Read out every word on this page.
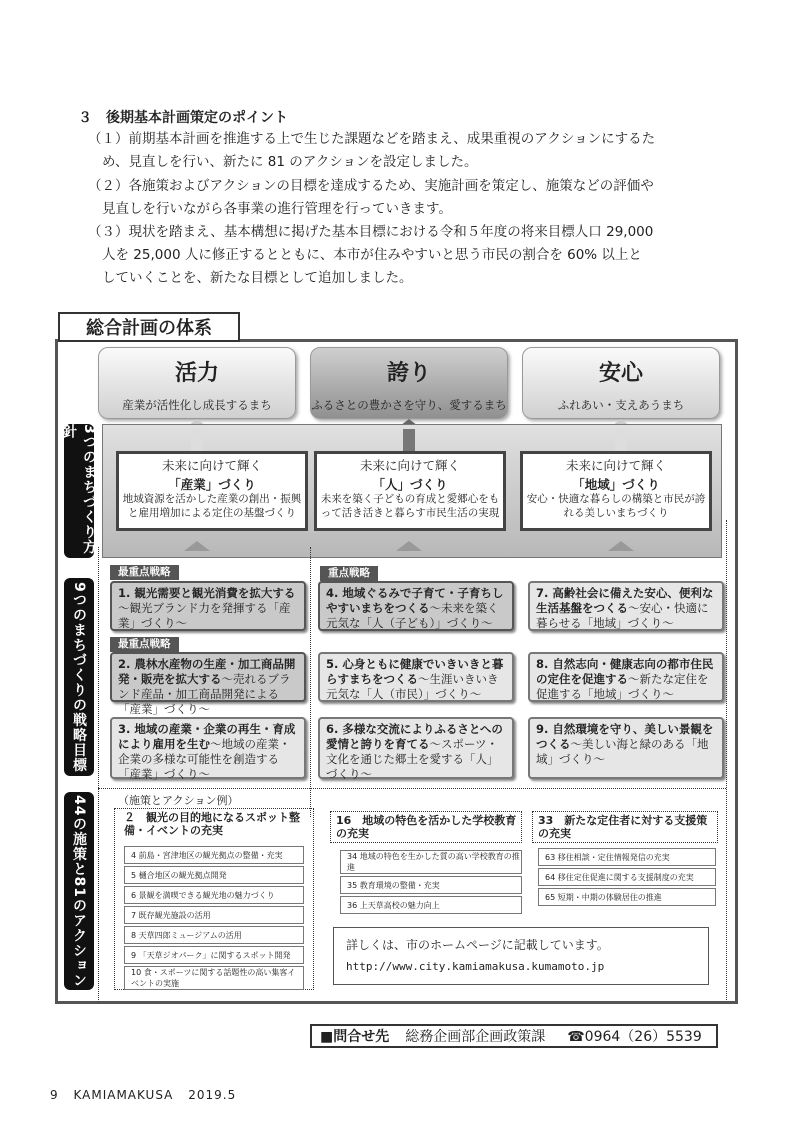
３　後期基本計画策定のポイント
（１）前期基本計画を推進する上で生じた課題などを踏まえ、成果重視のアクションにするた
め、見直しを行い、新たに 81 のアクションを設定しました。
（２）各施策およびアクションの目標を達成するため、実施計画を策定し、施策などの評価や
見直しを行いながら各事業の進行管理を行っていきます。
（３）現状を踏まえ、基本構想に掲げた基本目標における令和５年度の将来目標人口 29,000
人を 25,000 人に修正するとともに、本市が住みやすいと思う市民の割合を 60% 以上と
していくことを、新たな目標として追加しました。
総合計画の体系
活力
産業が活性化し成長するまち
誇り
ふるさとの豊かさを守り、愛するまち
安心
ふれあい・支えあうまち
3つのまちづくり方針
未来に向けて輝く
「産業」づくり
地域資源を活かした産業の創出・振興と雇用増加による定住の基盤づくり
未来に向けて輝く
「人」づくり
未来を築く子どもの育成と愛郷心をもって活き活きと暮らす市民生活の実現
未来に向けて輝く
「地域」づくり
安心・快適な暮らしの構築と市民が誇れる美しいまちづくり
9つのまちづくりの戦略目標
最重点戦略	重点戦略
最重点戦略
1. 観光需要と観光消費を拡大する～観光ブランド力を発揮する「産業」づくり～
4. 地域ぐるみで子育て・子育ちしやすいまちをつくる～未来を築く元気な「人（子ども）」づくり～
7. 高齢社会に備えた安心、便利な生活基盤をつくる～安心・快適に暮らせる「地域」づくり～
2. 農林水産物の生産・加工商品開発・販売を拡大する～売れるブランド産品・加工商品開発による「産業」づくり～
5. 心身ともに健康でいきいきと暮らすまちをつくる～生涯いきいき元気な「人（市民）」づくり～
8. 自然志向・健康志向の都市住民の定住を促進する～新たな定住を促進する「地域」づくり～
3. 地域の産業・企業の再生・育成により雇用を生む～地域の産業・企業の多様な可能性を創造する「産業」づくり～
6. 多様な交流によりふるさとへの愛情と誇りを育てる～スポーツ・文化を通じた郷土を愛する「人」づくり～
9. 自然環境を守り、美しい景観をつくる～美しい海と緑のある「地域」づくり～
44の施策と81のアクション	（施策とアクション例）
２　観光の目的地になるスポット整備・イベントの充実
4 前島・宮津地区の観光拠点の整備・充実
5 樋合地区の観光拠点開発
6 景観を満喫できる観光地の魅力づくり
7 既存観光施設の活用
8 天草四郎ミュージアムの活用
9 「天草ジオパーク」に関するスポット開発
10 食・スポーツに関する話題性の高い集客イベントの実施
16　地域の特色を活かした学校教育の充実
34 地域の特色を生かした質の高い学校教育の推進
35 教育環境の整備・充実
36 上天草高校の魅力向上
33　新たな定住者に対する支援策の充実
63 移住相談・定住情報発信の充実
64 移住定住促進に関する支援制度の充実
65 短期・中期の体験居住の推進
詳しくは、市のホームページに記載しています。
http://www.city.kamiamakusa.kumamoto.jp
■問合せ先 総務企画部企画政策課 ☎0964（26）5539
9 KAMIAMAKUSA 2019.5
